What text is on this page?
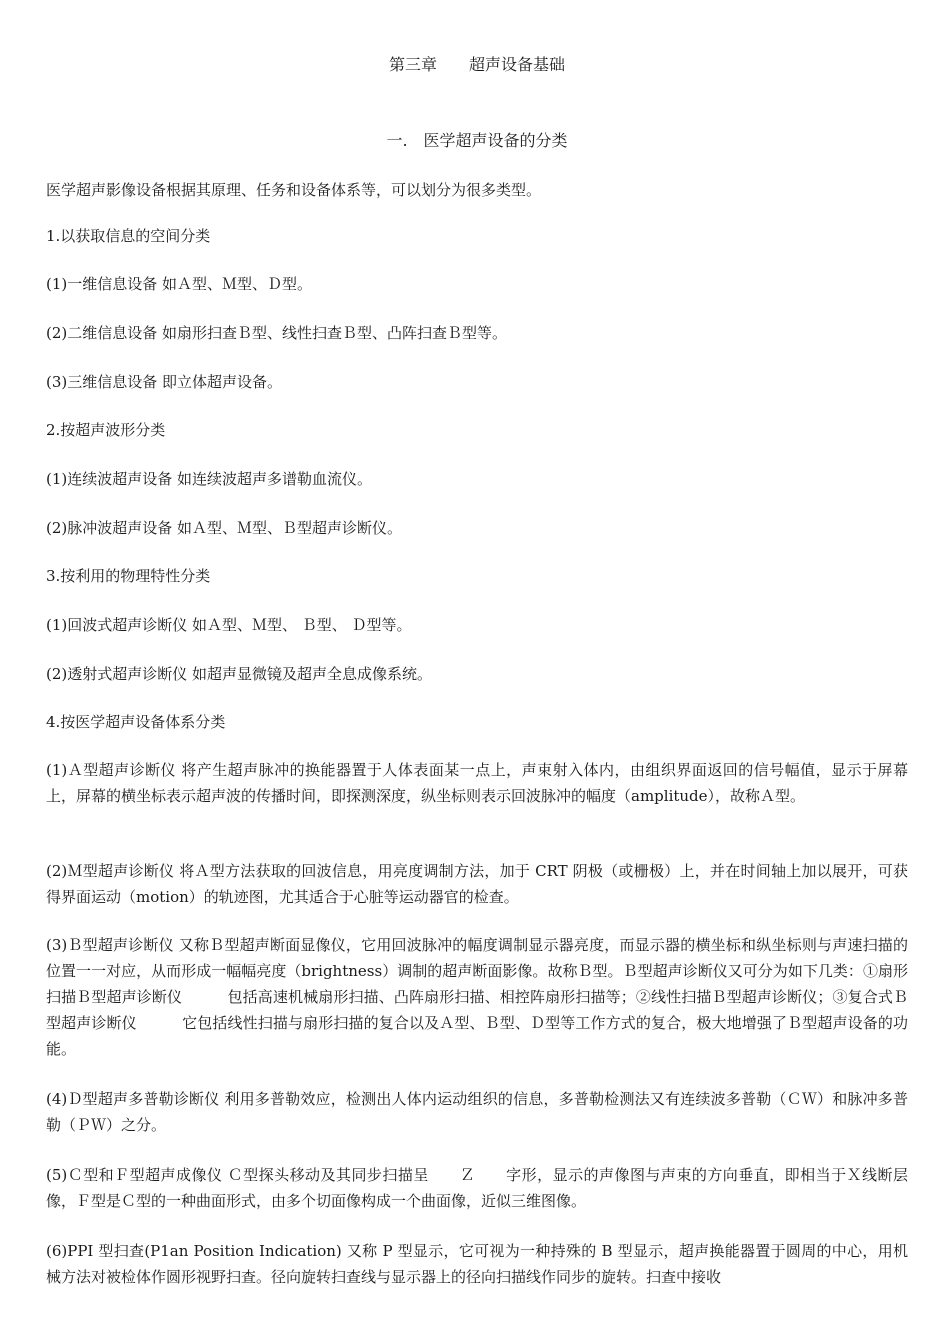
第三章　　超声设备基础
一.　医学超声设备的分类
医学超声影像设备根据其原理、任务和设备体系等，可以划分为很多类型。
1.以获取信息的空间分类
(1)一维信息设备 如Ａ型、Ｍ型、Ｄ型。
(2)二维信息设备 如扇形扫查Ｂ型、线性扫查Ｂ型、凸阵扫查Ｂ型等。
(3)三维信息设备 即立体超声设备。
2.按超声波形分类
(1)连续波超声设备 如连续波超声多谱勒血流仪。
(2)脉冲波超声设备 如Ａ型、Ｍ型、Ｂ型超声诊断仪。
3.按利用的物理特性分类
(1)回波式超声诊断仪 如Ａ型、Ｍ型、 Ｂ型、 Ｄ型等。
(2)透射式超声诊断仪 如超声显微镜及超声全息成像系统。
4.按医学超声设备体系分类
(1)Ａ型超声诊断仪 将产生超声脉冲的换能器置于人体表面某一点上，声束射入体内，由组织界面返回的信号幅值，显示于屏幕上，屏幕的横坐标表示超声波的传播时间，即探测深度，纵坐标则表示回波脉冲的幅度（amplitude），故称Ａ型。
(2)Ｍ型超声诊断仪 将Ａ型方法获取的回波信息，用亮度调制方法，加于 CRT 阴极（或栅极）上，并在时间轴上加以展开，可获得界面运动（motion）的轨迹图，尤其适合于心脏等运动器官的检查。
(3)Ｂ型超声诊断仪 又称Ｂ型超声断面显像仪，它用回波脉冲的幅度调制显示器亮度，而显示器的横坐标和纵坐标则与声速扫描的位置一一对应，从而形成一幅幅亮度（brightness）调制的超声断面影像。故称Ｂ型。Ｂ型超声诊断仪又可分为如下几类：①扇形扫描Ｂ型超声诊断仪　　　包括高速机械扇形扫描、凸阵扇形扫描、相控阵扇形扫描等；②线性扫描Ｂ型超声诊断仪；③复合式Ｂ型超声诊断仪　　　它包括线性扫描与扇形扫描的复合以及Ａ型、Ｂ型、Ｄ型等工作方式的复合，极大地增强了Ｂ型超声设备的功能。
(4)Ｄ型超声多普勒诊断仪 利用多普勒效应，检测出人体内运动组织的信息，多普勒检测法又有连续波多普勒（ＣＷ）和脉冲多普勒（ＰＷ）之分。
(5)Ｃ型和Ｆ型超声成像仪 Ｃ型探头移动及其同步扫描呈　　Ｚ　　字形，显示的声像图与声束的方向垂直，即相当于Ｘ线断层像，Ｆ型是Ｃ型的一种曲面形式，由多个切面像构成一个曲面像，近似三维图像。
(6)PPI 型扫查(P1an Position Indication) 又称 P 型显示，它可视为一种持殊的 B 型显示，超声换能器置于圆周的中心，用机械方法对被检体作圆形视野扫查。径向旋转扫查线与显示器上的径向扫描线作同步的旋转。扫查中接收
